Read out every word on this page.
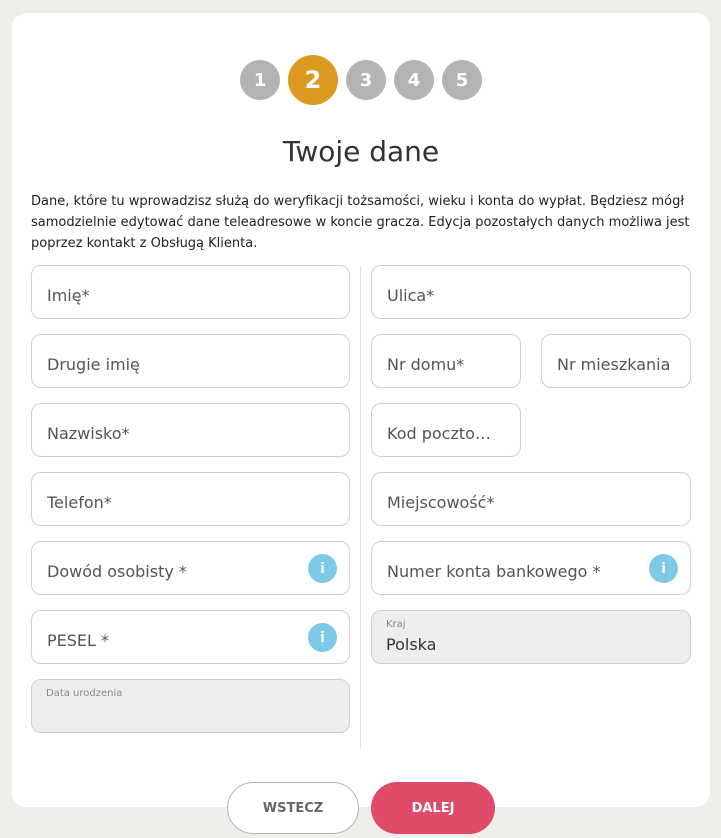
1	2	3	4	5
Twoje dane

Dane, które tu wprowadzisz służą do weryfikacji tożsamości, wieku i konta do wypłat. Będziesz mógł samodzielnie edytować dane teleadresowe w koncie gracza. Edycja pozostałych danych możliwa jest poprzez kontakt z Obsługą Klienta.

Imię*
Drugie imię
Nazwisko*
Telefon*
Dowód osobisty *	i
PESEL *	i
Data urodzenia
Ulica*
Nr domu*	Nr mieszkania
Kod poczto…
Miejscowość*
Numer konta bankowego *	i
Kraj
Polska
WSTECZ	DALEJ
